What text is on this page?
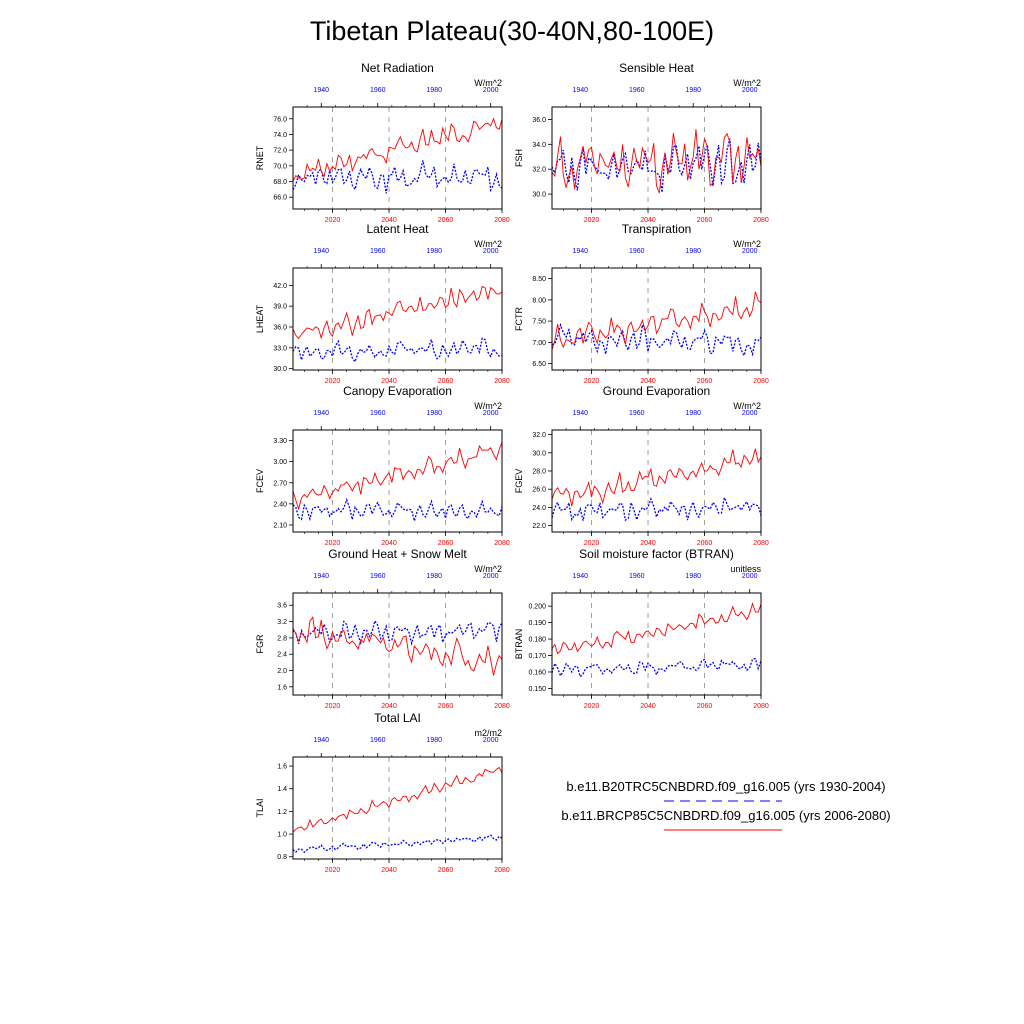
Tibetan Plateau(30-40N,80-100E)
Net Radiation
W/m^2
RNET
66.0
68.0
70.0
72.0
74.0
76.0
2020	2040	2060	2080
1940	1960	1980	2000
Sensible Heat
W/m^2
FSH
30.0
32.0
34.0
36.0
2020	2040	2060	2080
1940	1960	1980	2000
Latent Heat
W/m^2
LHEAT
30.0
33.0
36.0
39.0
42.0
2020	2040	2060	2080
1940	1960	1980	2000
Transpiration
W/m^2
FCTR
6.50
7.00
7.50
8.00
8.50
2020	2040	2060	2080
1940	1960	1980	2000
Canopy Evaporation
W/m^2
FCEV
2.10
2.40
2.70
3.00
3.30
2020	2040	2060	2080
1940	1960	1980	2000
Ground Evaporation
W/m^2
FGEV
22.0
24.0
26.0
28.0
30.0
32.0
2020	2040	2060	2080
1940	1960	1980	2000
Ground Heat + Snow Melt
W/m^2
FGR
1.6
2.0
2.4
2.8
3.2
3.6
2020	2040	2060	2080
1940	1960	1980	2000
Soil moisture factor (BTRAN)
unitless
BTRAN
0.150
0.160
0.170
0.180
0.190
0.200
2020	2040	2060	2080
1940	1960	1980	2000
Total LAI
m2/m2
TLAI
0.8
1.0
1.2
1.4
1.6
2020	2040	2060	2080
1940	1960	1980	2000
b.e11.B20TRC5CNBDRD.f09_g16.005 (yrs 1930-2004)
b.e11.BRCP85C5CNBDRD.f09_g16.005 (yrs 2006-2080)
